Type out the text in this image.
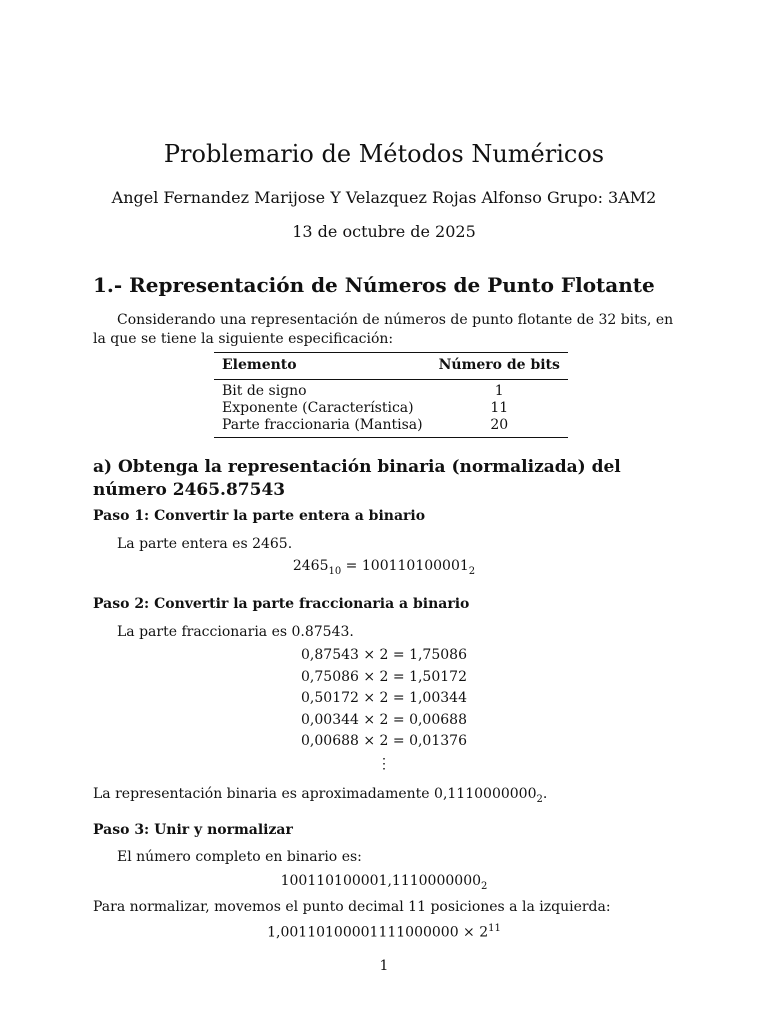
Problemario de Métodos Numéricos
Angel Fernandez Marijose Y Velazquez Rojas Alfonso Grupo: 3AM2
13 de octubre de 2025
1.- Representación de Números de Punto Flotante
Considerando una representación de números de punto flotante de 32 bits, en la que se tiene la siguiente especificación:
Elemento	Número de bits
Bit de signo	1
Exponente (Característica)	11
Parte fraccionaria (Mantisa)	20
a) Obtenga la representación binaria (normalizada) del número 2465.87543
Paso 1: Convertir la parte entera a binario
La parte entera es 2465.
$2465_{10} = 100110100001_2$
Paso 2: Convertir la parte fraccionaria a binario
La parte fraccionaria es 0.87543.
0,87543 × 2 = 1,75086
0,75086 × 2 = 1,50172
0,50172 × 2 = 1,00344
0,00344 × 2 = 0,00688
0,00688 × 2 = 0,01376
⋮
La representación binaria es aproximadamente $0,1110000000_2$.
Paso 3: Unir y normalizar
El número completo en binario es:
$100110100001,1110000000_2$
Para normalizar, movemos el punto decimal 11 posiciones a la izquierda:
$1,00110100001111000000 \times 2^{11}$
1
